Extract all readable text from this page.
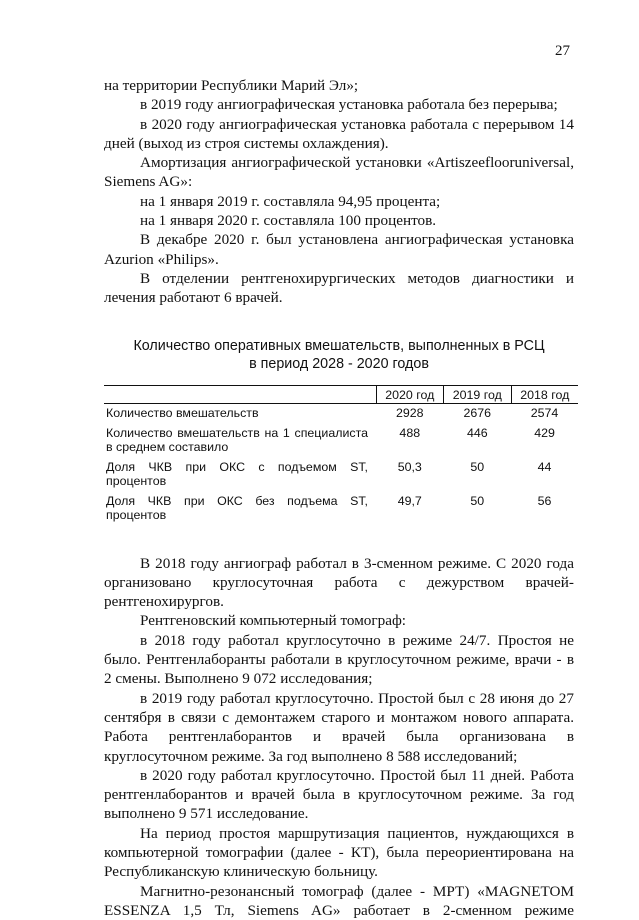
27

на территории Республики Марий Эл»;

в 2019 году ангиографическая установка работала без перерыва;

в 2020 году ангиографическая установка работала с перерывом 14 дней (выход из строя системы охлаждения).

Амортизация ангиографической установки «Artiszeefloоruniversal, Siemens AG»:

на 1 января 2019 г. составляла 94,95 процента;

на 1 января 2020 г. составляла 100 процентов.

В декабре 2020 г. был установлена ангиографическая установка Azurion «Philips».

В отделении рентгенохирургических методов диагностики и лечения работают 6 врачей.

Количество оперативных вмешательств, выполненных в РСЦ
в период 2028 - 2020 годов
	2020 год	2019 год	2018 год
Количество вмешательств	2928	2676	2574
Количество вмешательств на 1 специалиста в среднем составило	488	446	429
Доля ЧКВ при ОКС с подъемом ST, процентов	50,3	50	44
Доля ЧКВ при ОКС без подъема ST, процентов	49,7	50	56

В 2018 году ангиограф работал в 3-сменном режиме. С 2020 года организовано круглосуточная работа с дежурством врачей-рентгенохирургов.

Рентгеновский компьютерный томограф:

в 2018 году работал круглосуточно в режиме 24/7. Простоя не было. Рентгенлаборанты работали в круглосуточном режиме, врачи - в 2 смены. Выполнено 9 072 исследования;

в 2019 году работал круглосуточно. Простой был с 28 июня до 27 сентября в связи с демонтажем старого и монтажом нового аппарата. Работа рентгенлаборантов и врачей была организована в круглосуточном режиме. За год выполнено 8 588 исследований;

в 2020 году работал круглосуточно. Простой был 11 дней. Работа рентгенлаборантов и врачей была в круглосуточном режиме. За год выполнено 9 571 исследование.

На период простоя маршрутизация пациентов, нуждающихся в компьютерной томографии (далее - КТ), была переориентирована на Республиканскую клиническую больницу.

Магнитно-резонансный томограф (далее - МРТ) «MAGNETOM ESSENZA 1,5 Тл, Siemens AG» работает в 2-сменном режиме
